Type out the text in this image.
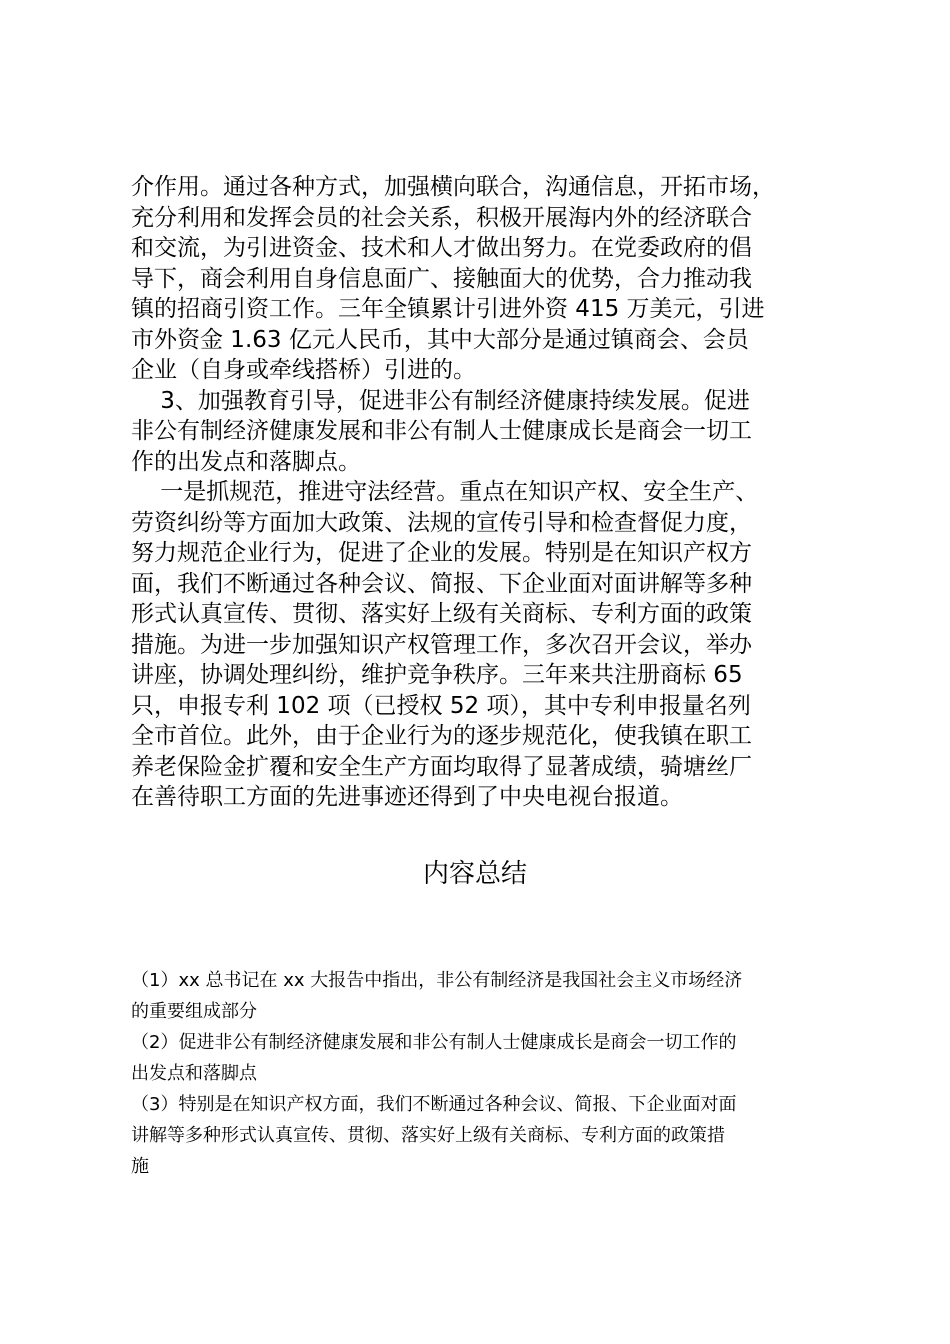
介作用。通过各种方式，加强横向联合，沟通信息，开拓市场，

充分利用和发挥会员的社会关系，积极开展海内外的经济联合

和交流，为引进资金、技术和人才做出努力。在党委政府的倡

导下，商会利用自身信息面广、接触面大的优势，合力推动我

镇的招商引资工作。三年全镇累计引进外资 415 万美元，引进

市外资金 1.63 亿元人民币，其中大部分是通过镇商会、会员

企业（自身或牵线搭桥）引进的。

3、加强教育引导，促进非公有制经济健康持续发展。促进

非公有制经济健康发展和非公有制人士健康成长是商会一切工

作的出发点和落脚点。

一是抓规范，推进守法经营。重点在知识产权、安全生产、

劳资纠纷等方面加大政策、法规的宣传引导和检查督促力度，

努力规范企业行为，促进了企业的发展。特别是在知识产权方

面，我们不断通过各种会议、简报、下企业面对面讲解等多种

形式认真宣传、贯彻、落实好上级有关商标、专利方面的政策

措施。为进一步加强知识产权管理工作，多次召开会议，举办

讲座，协调处理纠纷，维护竞争秩序。三年来共注册商标 65

只，申报专利 102 项（已授权 52 项），其中专利申报量名列

全市首位。此外，由于企业行为的逐步规范化，使我镇在职工

养老保险金扩覆和安全生产方面均取得了显著成绩，骑塘丝厂

在善待职工方面的先进事迹还得到了中央电视台报道。

内容总结

（1）xx 总书记在 xx 大报告中指出，非公有制经济是我国社会主义市场经济

的重要组成部分

（2）促进非公有制经济健康发展和非公有制人士健康成长是商会一切工作的

出发点和落脚点

（3）特别是在知识产权方面，我们不断通过各种会议、简报、下企业面对面

讲解等多种形式认真宣传、贯彻、落实好上级有关商标、专利方面的政策措

施
